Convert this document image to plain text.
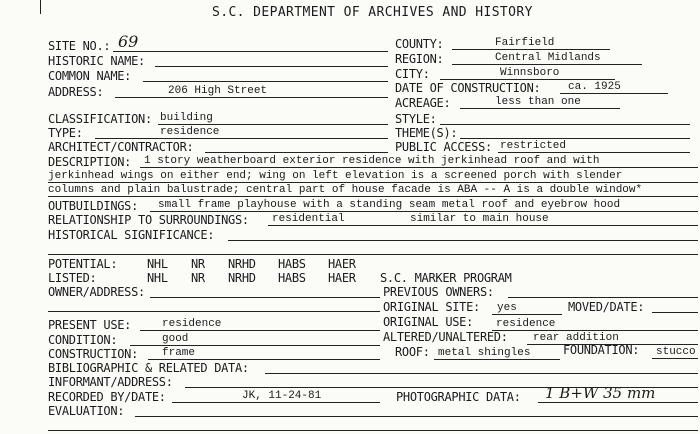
S.C. DEPARTMENT OF ARCHIVES AND HISTORY
SITE NO.: 69
HISTORIC NAME:
COMMON NAME:
ADDRESS:	206 High Street
CLASSIFICATION: building
TYPE:	residence
ARCHITECT/CONTRACTOR:
COUNTY:	Fairfield
REGION:	Central Midlands
CITY:	Winnsboro
DATE OF CONSTRUCTION:	ca. 1925
ACREAGE:	less than one
STYLE:
THEME(S):
PUBLIC ACCESS: restricted
DESCRIPTION: 1 story weatherboard exterior residence with jerkinhead roof and with
jerkinhead wings on either end; wing on left elevation is a screened porch with slender
columns and plain balustrade; central part of house facade is ABA -- A is a double window*
OUTBUILDINGS: small frame playhouse with a standing seam metal roof and eyebrow hood
RELATIONSHIP TO SURROUNDINGS: residential	similar to main house
HISTORICAL SIGNIFICANCE:
POTENTIAL: NHL NR NRHD HABS HAER
LISTED:	NHL NR NRHD HABS HAER S.C. MARKER PROGRAM
OWNER/ADDRESS:	PREVIOUS OWNERS:
ORIGINAL SITE: yes	MOVED/DATE:
PRESENT USE:	residence	ORIGINAL USE: residence
CONDITION:	good	ALTERED/UNALTERED: rear addition
CONSTRUCTION: frame	ROOF: metal shingles	FOUNDATION: stucco
BIBLIOGRAPHIC & RELATED DATA:
INFORMANT/ADDRESS:
RECORDED BY/DATE:	JK, 11-24-81	PHOTOGRAPHIC DATA: 1 B+W 35 mm
EVALUATION:
